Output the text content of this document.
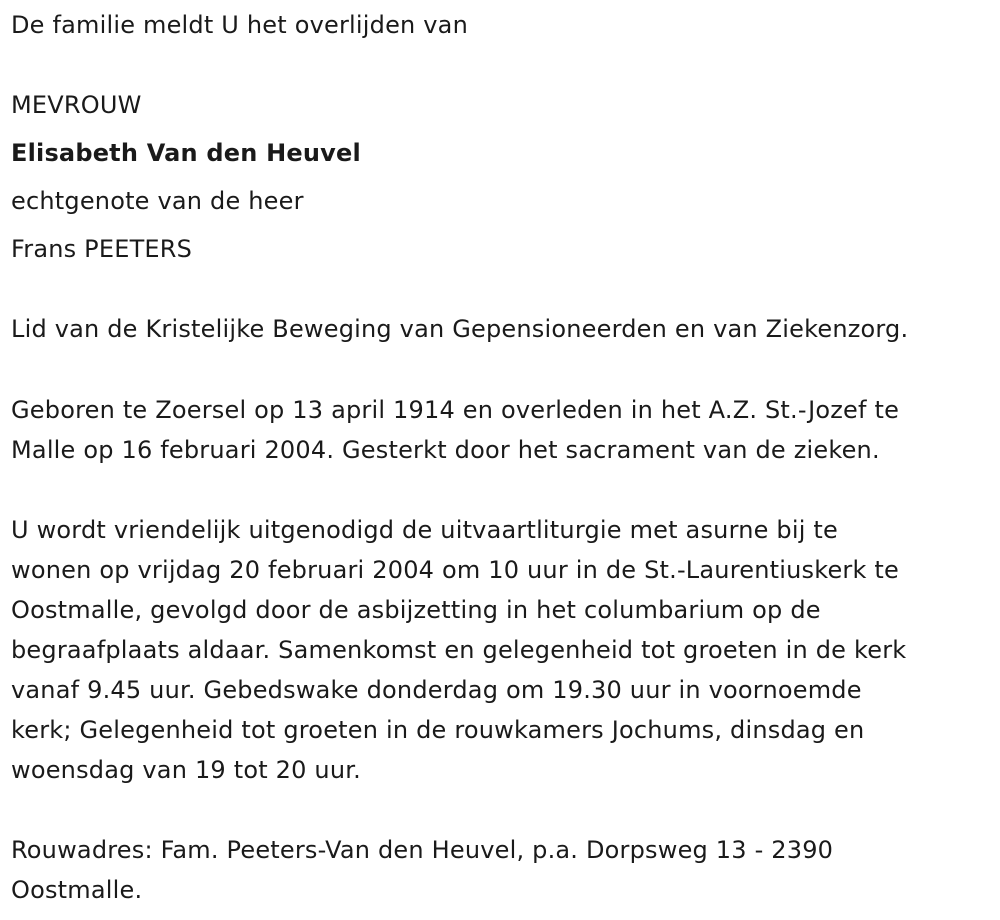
De familie meldt U het overlijden van

MEVROUW

Elisabeth Van den Heuvel

echtgenote van de heer

Frans PEETERS

Lid van de Kristelijke Beweging van Gepensioneerden en van Ziekenzorg.

Geboren te Zoersel op 13 april 1914 en overleden in het A.Z. St.-Jozef te
Malle op 16 februari 2004. Gesterkt door het sacrament van de zieken.
U wordt vriendelijk uitgenodigd de uitvaartliturgie met asurne bij te
wonen op vrijdag 20 februari 2004 om 10 uur in de St.-Laurentiuskerk te
Oostmalle, gevolgd door de asbijzetting in het columbarium op de
begraafplaats aldaar. Samenkomst en gelegenheid tot groeten in de kerk
vanaf 9.45 uur. Gebedswake donderdag om 19.30 uur in voornoemde
kerk; Gelegenheid tot groeten in de rouwkamers Jochums, dinsdag en
woensdag van 19 tot 20 uur.
Rouwadres: Fam. Peeters-Van den Heuvel, p.a. Dorpsweg 13 - 2390
Oostmalle.
